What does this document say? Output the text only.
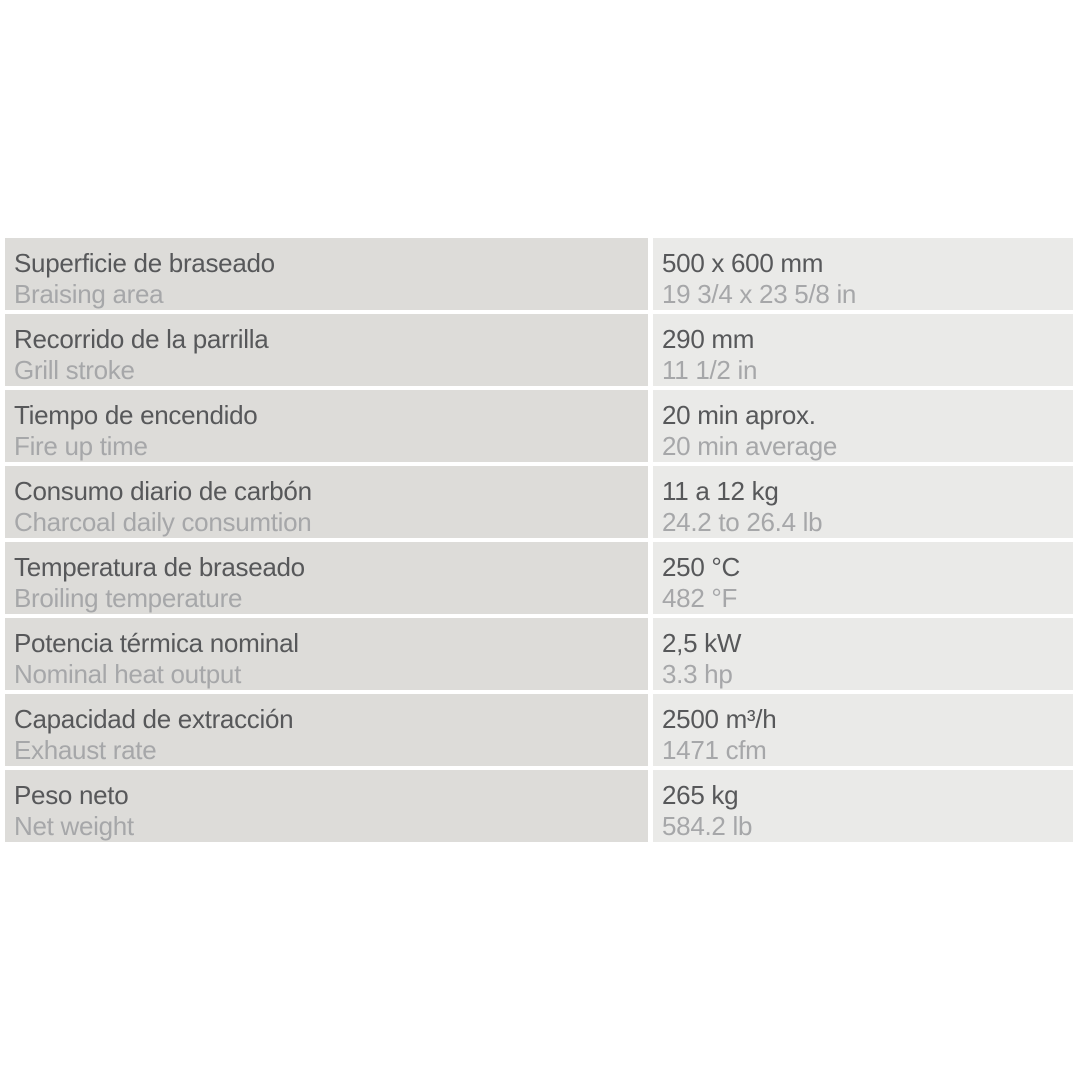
Superficie de braseado
Braising area
500 x 600 mm
19 3/4 x 23 5/8 in
Recorrido de la parrilla
Grill stroke
290 mm
11 1/2 in
Tiempo de encendido
Fire up time
20 min aprox.
20 min average
Consumo diario de carbón
Charcoal daily consumtion
11 a 12 kg
24.2 to 26.4 lb
Temperatura de braseado
Broiling temperature
250 °C
482 °F
Potencia térmica nominal
Nominal heat output
2,5 kW
3.3 hp
Capacidad de extracción
Exhaust rate
2500 m³/h
1471 cfm
Peso neto
Net weight
265 kg
584.2 lb
